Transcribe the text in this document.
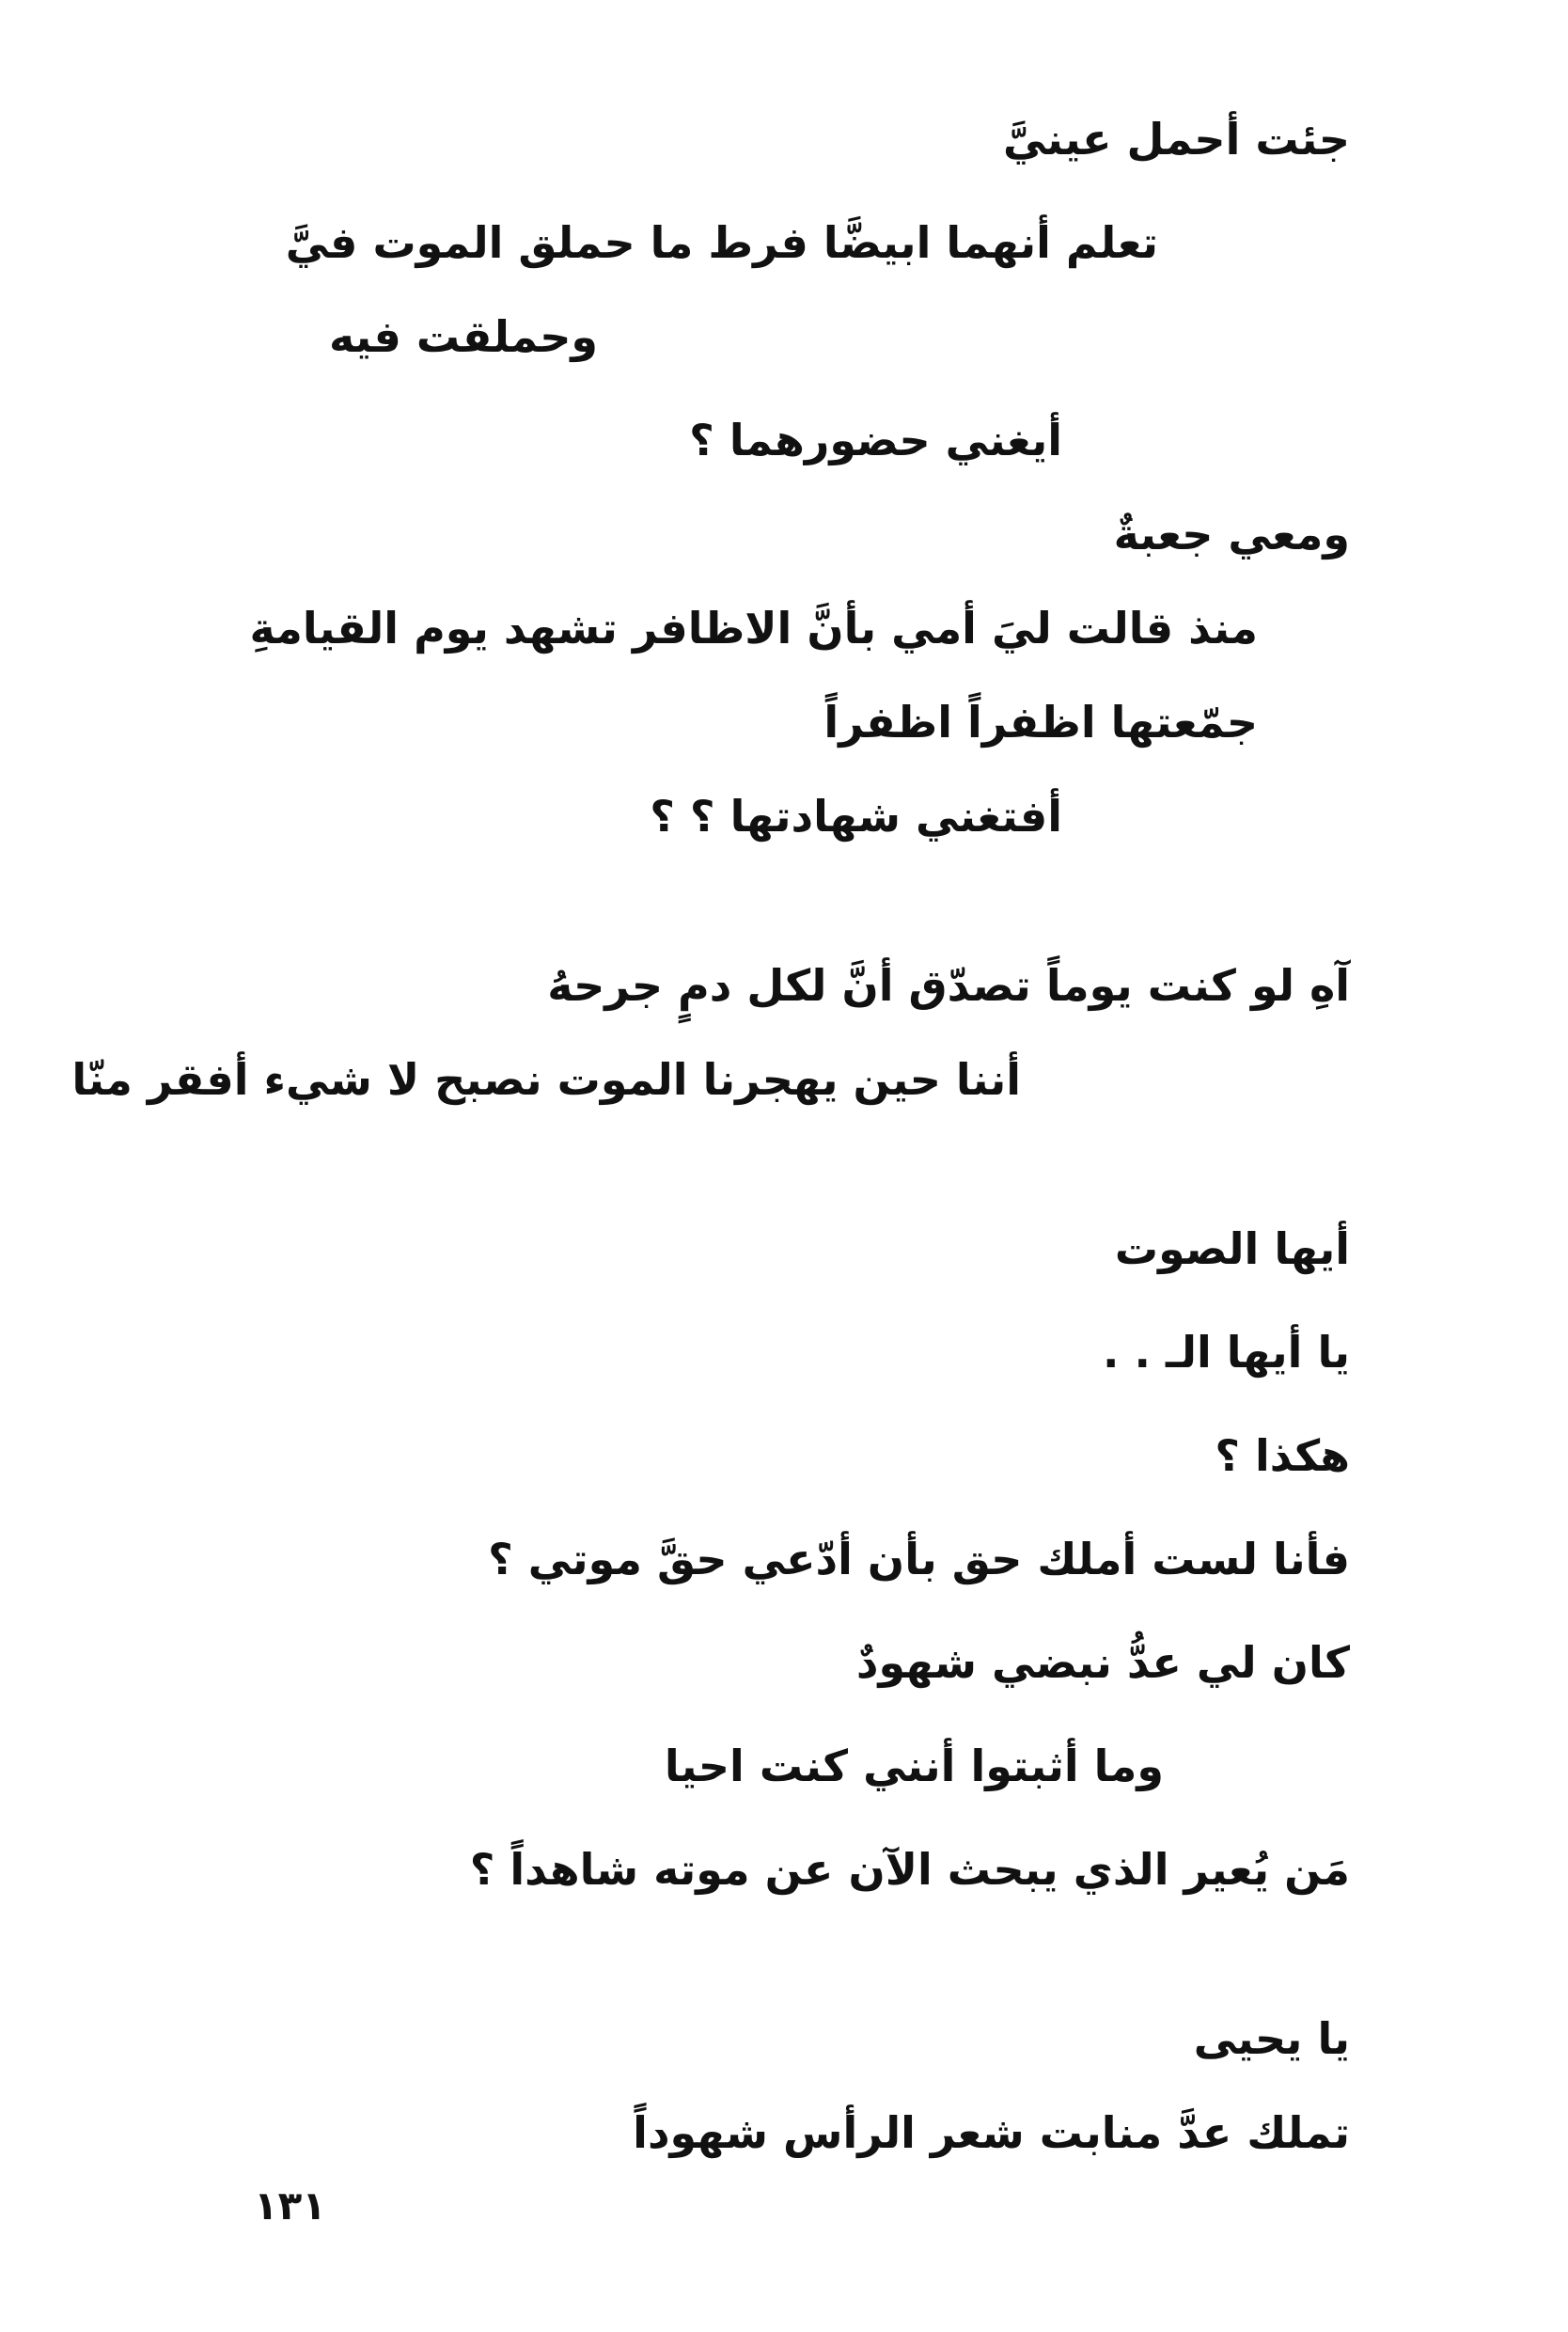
جئت أحمل عينيَّ
تعلم أنهما ابيضَّا فرط ما حملق الموت فيَّ
وحملقت فيه
أيغني حضورهما ؟
ومعي جعبةٌ
منذ قالت ليَ أمي بأنَّ الاظافر تشهد يوم القيامةِ
جمّعتها اظفراً اظفراً
أفتغني شهادتها ؟ ؟
آهِ لو كنت يوماً تصدّق أنَّ لكل دمٍ جرحهُ
أننا حين يهجرنا الموت نصبح لا شيء أفقر منّا
أيها الصوت
يا أيها الـ . .
هكذا ؟
فأنا لست أملك حق بأن أدّعي حقَّ موتي ؟
كان لي عدُّ نبضي شهودٌ
وما أثبتوا أنني كنت احيا
مَن يُعير الذي يبحث الآن عن موته شاهداً ؟
يا يحيى
تملك عدَّ منابت شعر الرأس شهوداً
١٣١
